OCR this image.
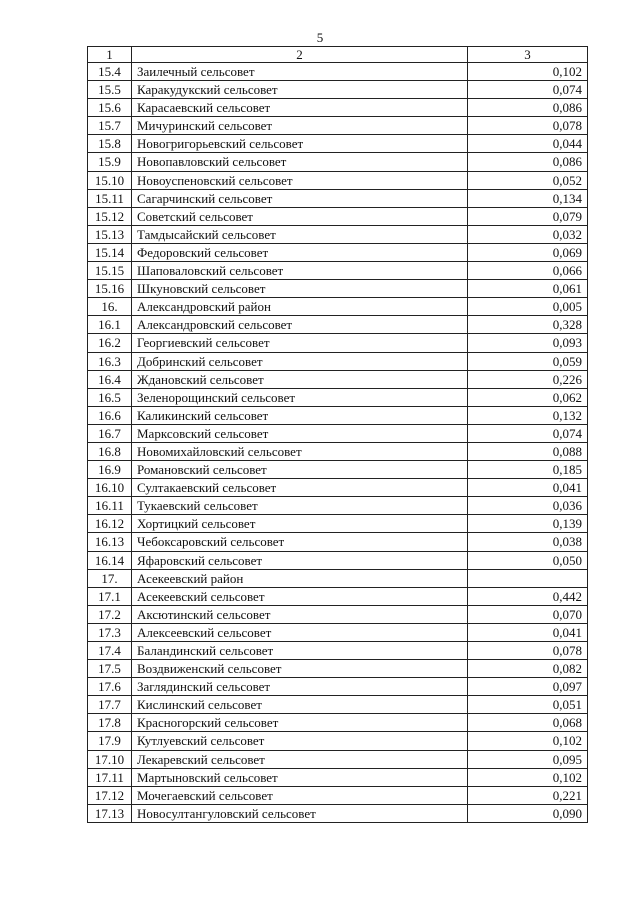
5
1	2	3
15.4	Заилечный сельсовет	0,102
15.5	Каракудукский сельсовет	0,074
15.6	Карасаевский сельсовет	0,086
15.7	Мичуринский сельсовет	0,078
15.8	Новогригорьевский сельсовет	0,044
15.9	Новопавловский сельсовет	0,086
15.10	Новоуспеновский сельсовет	0,052
15.11	Сагарчинский сельсовет	0,134
15.12	Советский сельсовет	0,079
15.13	Тамдысайский сельсовет	0,032
15.14	Федоровский сельсовет	0,069
15.15	Шаповаловский сельсовет	0,066
15.16	Шкуновский сельсовет	0,061
16.	Александровский район	0,005
16.1	Александровский сельсовет	0,328
16.2	Георгиевский сельсовет	0,093
16.3	Добринский сельсовет	0,059
16.4	Ждановский сельсовет	0,226
16.5	Зеленорощинский сельсовет	0,062
16.6	Каликинский сельсовет	0,132
16.7	Марксовский сельсовет	0,074
16.8	Новомихайловский сельсовет	0,088
16.9	Романовский сельсовет	0,185
16.10	Султакаевский сельсовет	0,041
16.11	Тукаевский сельсовет	0,036
16.12	Хортицкий сельсовет	0,139
16.13	Чебоксаровский сельсовет	0,038
16.14	Яфаровский сельсовет	0,050
17.	Асекеевский район	
17.1	Асекеевский сельсовет	0,442
17.2	Аксютинский сельсовет	0,070
17.3	Алексеевский сельсовет	0,041
17.4	Баландинский сельсовет	0,078
17.5	Воздвиженский сельсовет	0,082
17.6	Заглядинский сельсовет	0,097
17.7	Кислинский сельсовет	0,051
17.8	Красногорский сельсовет	0,068
17.9	Кутлуевский сельсовет	0,102
17.10	Лекаревский сельсовет	0,095
17.11	Мартыновский сельсовет	0,102
17.12	Мочегаевский сельсовет	0,221
17.13	Новосултангуловский сельсовет	0,090
